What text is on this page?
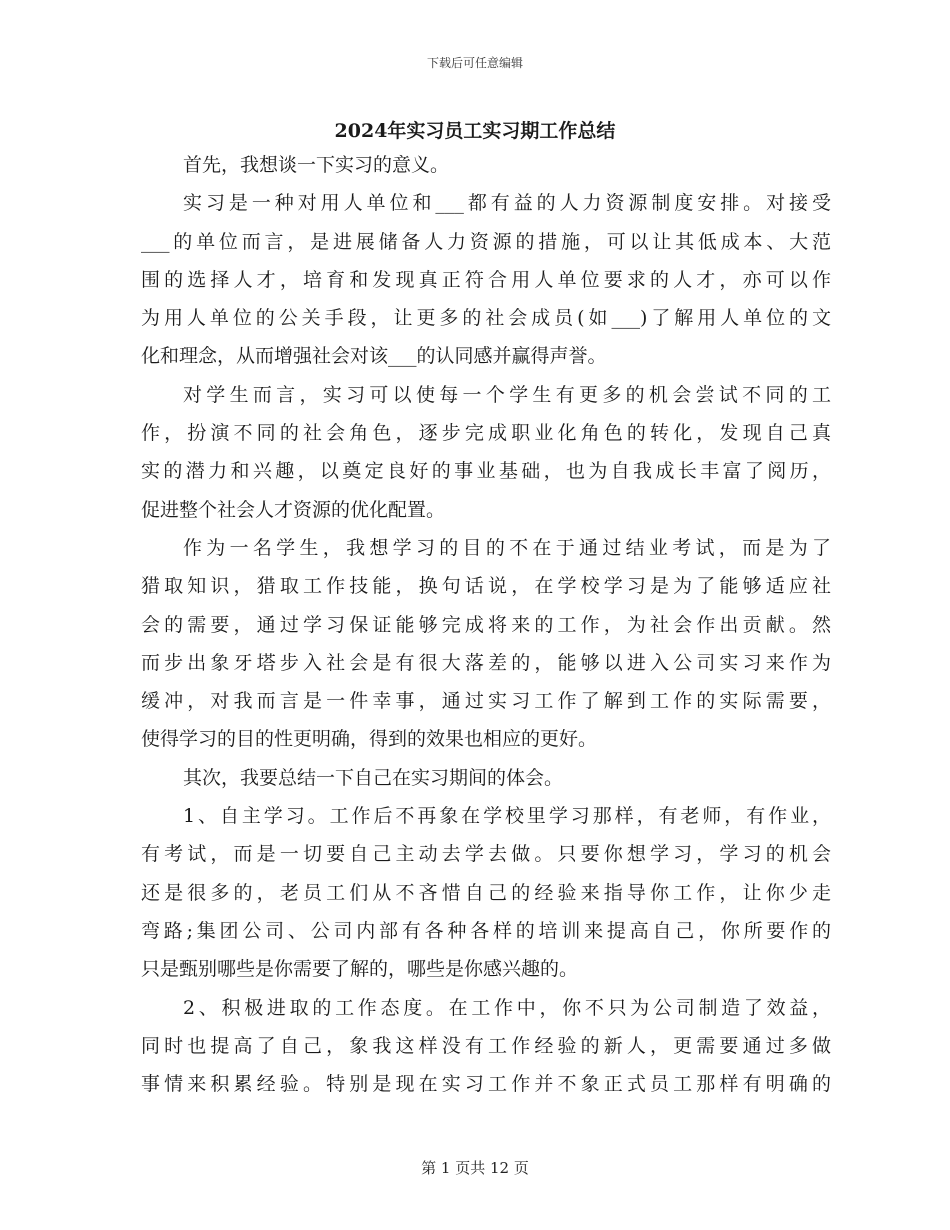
下载后可任意编辑
2024年实习员工实习期工作总结
首先，我想谈一下实习的意义。
实习是一种对用人单位和___都有益的人力资源制度安排。对接受
___的单位而言，是进展储备人力资源的措施，可以让其低成本、大范
围的选择人才，培育和发现真正符合用人单位要求的人才，亦可以作
为用人单位的公关手段，让更多的社会成员(如___)了解用人单位的文
化和理念，从而增强社会对该___的认同感并赢得声誉。
对学生而言，实习可以使每一个学生有更多的机会尝试不同的工
作，扮演不同的社会角色，逐步完成职业化角色的转化，发现自己真
实的潜力和兴趣，以奠定良好的事业基础，也为自我成长丰富了阅历，
促进整个社会人才资源的优化配置。
作为一名学生，我想学习的目的不在于通过结业考试，而是为了
猎取知识，猎取工作技能，换句话说，在学校学习是为了能够适应社
会的需要，通过学习保证能够完成将来的工作，为社会作出贡献。然
而步出象牙塔步入社会是有很大落差的，能够以进入公司实习来作为
缓冲，对我而言是一件幸事，通过实习工作了解到工作的实际需要，
使得学习的目的性更明确，得到的效果也相应的更好。
其次，我要总结一下自己在实习期间的体会。
1、自主学习。工作后不再象在学校里学习那样，有老师，有作业，
有考试，而是一切要自己主动去学去做。只要你想学习，学习的机会
还是很多的，老员工们从不吝惜自己的经验来指导你工作，让你少走
弯路;集团公司、公司内部有各种各样的培训来提高自己，你所要作的
只是甄别哪些是你需要了解的，哪些是你感兴趣的。
2、积极进取的工作态度。在工作中，你不只为公司制造了效益，
同时也提高了自己，象我这样没有工作经验的新人，更需要通过多做
事情来积累经验。特别是现在实习工作并不象正式员工那样有明确的
第 1 页共 12 页
